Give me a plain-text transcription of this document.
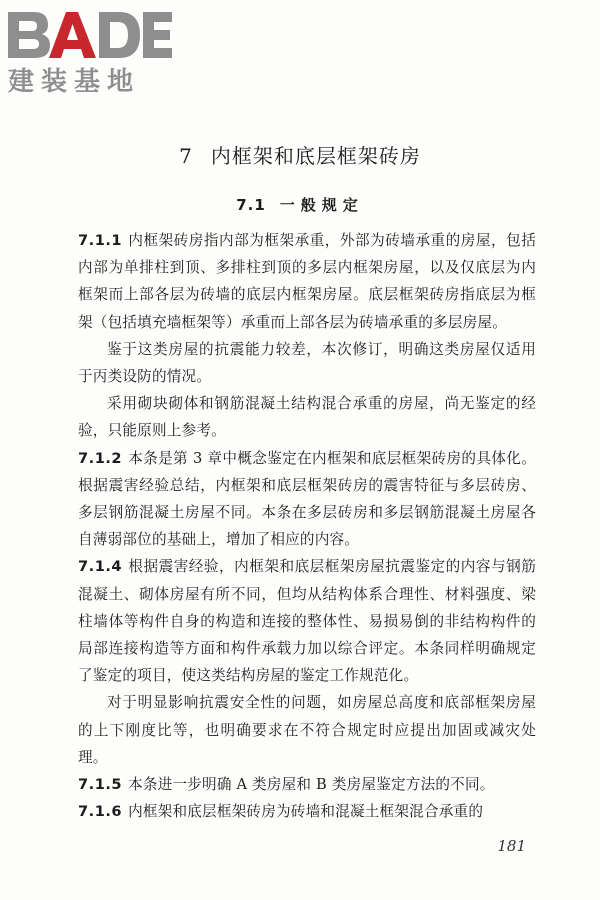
建装基地
7 内框架和底层框架砖房
7.1 一般规定

7.1.1 内框架砖房指内部为框架承重，外部为砖墙承重的房屋，包括内部为单排柱到顶、多排柱到顶的多层内框架房屋，以及仅底层为内框架而上部各层为砖墙的底层内框架房屋。底层框架砖房指底层为框架（包括填充墙框架等）承重而上部各层为砖墙承重的多层房屋。

鉴于这类房屋的抗震能力较差，本次修订，明确这类房屋仅适用于丙类设防的情况。

采用砌块砌体和钢筋混凝土结构混合承重的房屋，尚无鉴定的经验，只能原则上参考。

7.1.2 本条是第 3 章中概念鉴定在内框架和底层框架砖房的具体化。根据震害经验总结，内框架和底层框架砖房的震害特征与多层砖房、多层钢筋混凝土房屋不同。本条在多层砖房和多层钢筋混凝土房屋各自薄弱部位的基础上，增加了相应的内容。

7.1.4 根据震害经验，内框架和底层框架房屋抗震鉴定的内容与钢筋混凝土、砌体房屋有所不同，但均从结构体系合理性、材料强度、梁柱墙体等构件自身的构造和连接的整体性、易损易倒的非结构构件的局部连接构造等方面和构件承载力加以综合评定。本条同样明确规定了鉴定的项目，使这类结构房屋的鉴定工作规范化。

对于明显影响抗震安全性的问题，如房屋总高度和底部框架房屋的上下刚度比等，也明确要求在不符合规定时应提出加固或减灾处理。

7.1.5 本条进一步明确 A 类房屋和 B 类房屋鉴定方法的不同。

7.1.6 内框架和底层框架砖房为砖墙和混凝土框架混合承重的

181
